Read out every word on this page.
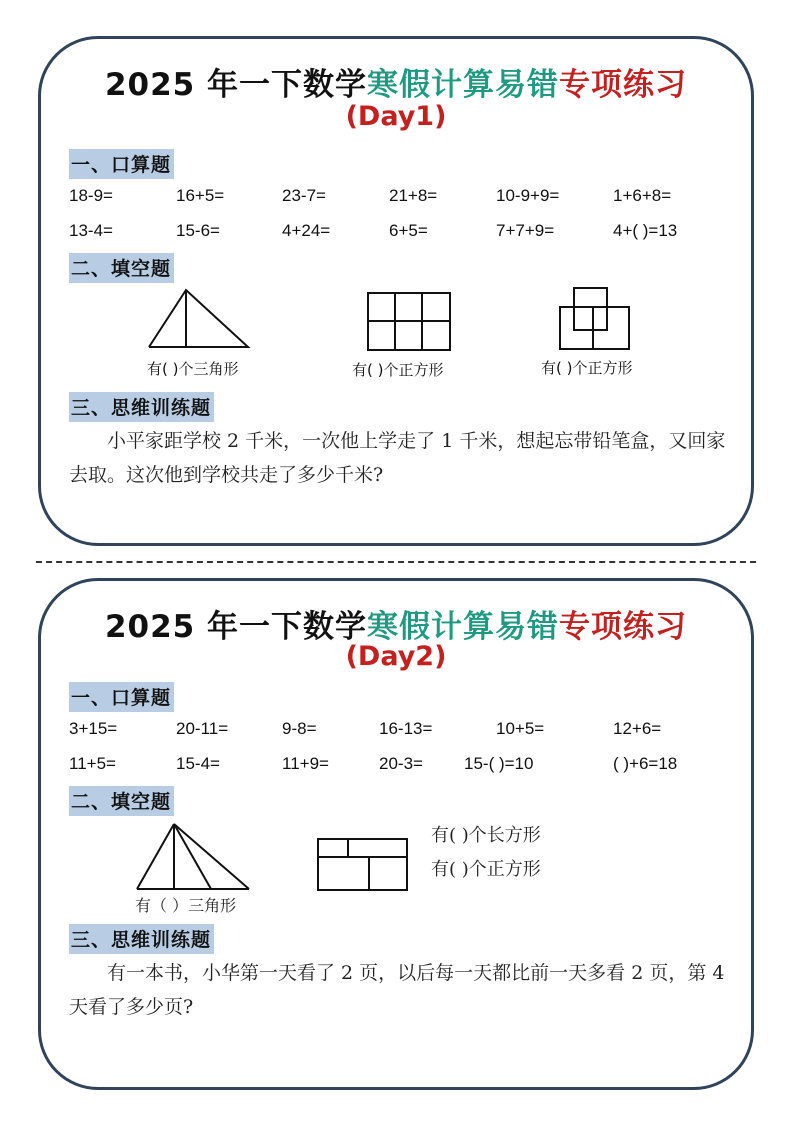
2025 年一下数学寒假计算易错专项练习
(Day1)
一、口算题
18-9=	16+5=	23-7=	21+8=	10-9+9=	1+6+8=
13-4=	15-6=	4+24=	6+5=	7+7+9=	4+( )=13
二、填空题
有( )个三角形	有( )个正方形	有( )个正方形
三、思维训练题
小平家距学校 2 千米，一次他上学走了 1 千米，想起忘带铅笔盒，又回家去取。这次他到学校共走了多少千米?
2025 年一下数学寒假计算易错专项练习
(Day2)
一、口算题
3+15=	20-11=	9-8=	16-13=	10+5=	12+6=
11+5=	15-4=	11+9=	20-3= 15-( )=10	( )+6=18
二、填空题
有（ ）三角形
有( )个长方形
有( )个正方形
三、思维训练题
有一本书，小华第一天看了 2 页，以后每一天都比前一天多看 2 页，第 4 天看了多少页?
